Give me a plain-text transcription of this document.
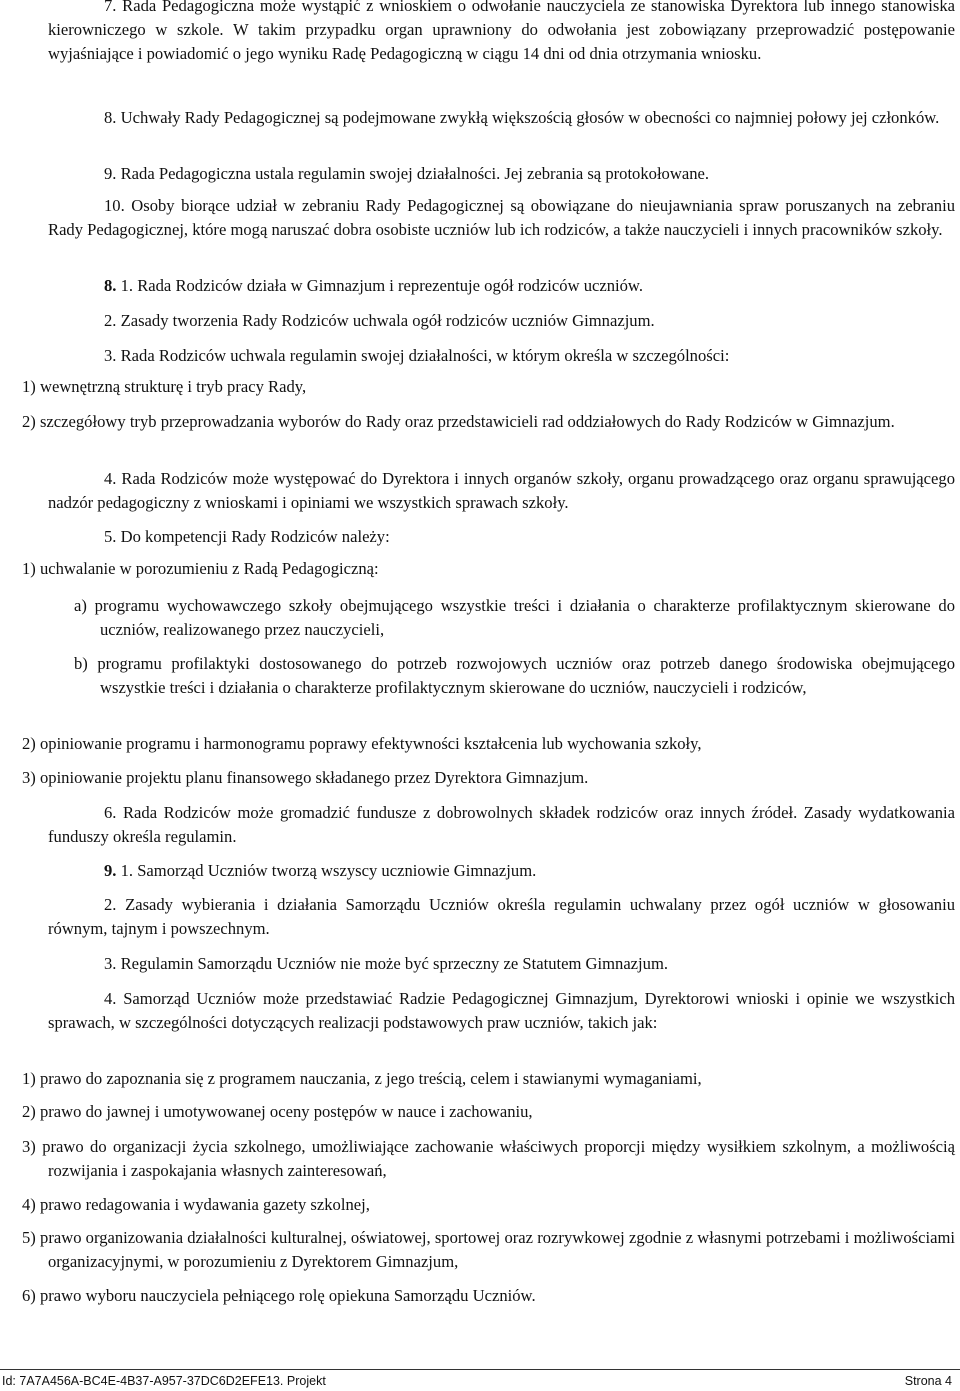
7. Rada Pedagogiczna może wystąpić z wnioskiem o odwołanie nauczyciela ze stanowiska Dyrektora lub innego stanowiska kierowniczego w szkole. W takim przypadku organ uprawniony do odwołania jest zobowiązany przeprowadzić postępowanie wyjaśniające i powiadomić o jego wyniku Radę Pedagogiczną w ciągu 14 dni od dnia otrzymania wniosku.

8. Uchwały Rady Pedagogicznej są podejmowane zwykłą większością głosów w obecności co najmniej połowy jej członków.

9. Rada Pedagogiczna ustala regulamin swojej działalności. Jej zebrania są protokołowane.

10. Osoby biorące udział w zebraniu Rady Pedagogicznej są obowiązane do nieujawniania spraw poruszanych na zebraniu Rady Pedagogicznej, które mogą naruszać dobra osobiste uczniów lub ich rodziców, a także nauczycieli i innych pracowników szkoły.

8. 1. Rada Rodziców działa w Gimnazjum i reprezentuje ogół rodziców uczniów.

2. Zasady tworzenia Rady Rodziców uchwala ogół rodziców uczniów Gimnazjum.

3. Rada Rodziców uchwala regulamin swojej działalności, w którym określa w szczególności:

1) wewnętrzną strukturę i tryb pracy Rady,

2) szczegółowy tryb przeprowadzania wyborów do Rady oraz przedstawicieli rad oddziałowych do Rady Rodziców w Gimnazjum.

4. Rada Rodziców może występować do Dyrektora i innych organów szkoły, organu prowadzącego oraz organu sprawującego nadzór pedagogiczny z wnioskami i opiniami we wszystkich sprawach szkoły.

5. Do kompetencji Rady Rodziców należy:

1) uchwalanie w porozumieniu z Radą Pedagogiczną:

a) programu wychowawczego szkoły obejmującego wszystkie treści i działania o charakterze profilaktycznym skierowane do uczniów, realizowanego przez nauczycieli,

b) programu profilaktyki dostosowanego do potrzeb rozwojowych uczniów oraz potrzeb danego środowiska obejmującego wszystkie treści i działania o charakterze profilaktycznym skierowane do uczniów, nauczycieli i rodziców,

2) opiniowanie programu i harmonogramu poprawy efektywności kształcenia lub wychowania szkoły,

3) opiniowanie projektu planu finansowego składanego przez Dyrektora Gimnazjum.

6. Rada Rodziców może gromadzić fundusze z dobrowolnych składek rodziców oraz innych źródeł. Zasady wydatkowania funduszy określa regulamin.

9. 1. Samorząd Uczniów tworzą wszyscy uczniowie Gimnazjum.

2. Zasady wybierania i działania Samorządu Uczniów określa regulamin uchwalany przez ogół uczniów w głosowaniu równym, tajnym i powszechnym.

3. Regulamin Samorządu Uczniów nie może być sprzeczny ze Statutem Gimnazjum.

4. Samorząd Uczniów może przedstawiać Radzie Pedagogicznej Gimnazjum, Dyrektorowi wnioski i opinie we wszystkich sprawach, w szczególności dotyczących realizacji podstawowych praw uczniów, takich jak:

1) prawo do zapoznania się z programem nauczania, z jego treścią, celem i stawianymi wymaganiami,

2) prawo do jawnej i umotywowanej oceny postępów w nauce i zachowaniu,

3) prawo do organizacji życia szkolnego, umożliwiające zachowanie właściwych proporcji między wysiłkiem szkolnym, a możliwością rozwijania i zaspokajania własnych zainteresowań,

4) prawo redagowania i wydawania gazety szkolnej,

5) prawo organizowania działalności kulturalnej, oświatowej, sportowej oraz rozrywkowej zgodnie z własnymi potrzebami i możliwościami organizacyjnymi, w porozumieniu z Dyrektorem Gimnazjum,

6) prawo wyboru nauczyciela pełniącego rolę opiekuna Samorządu Uczniów.

Id: 7A7A456A-BC4E-4B37-A957-37DC6D2EFE13. Projekt	Strona 4
